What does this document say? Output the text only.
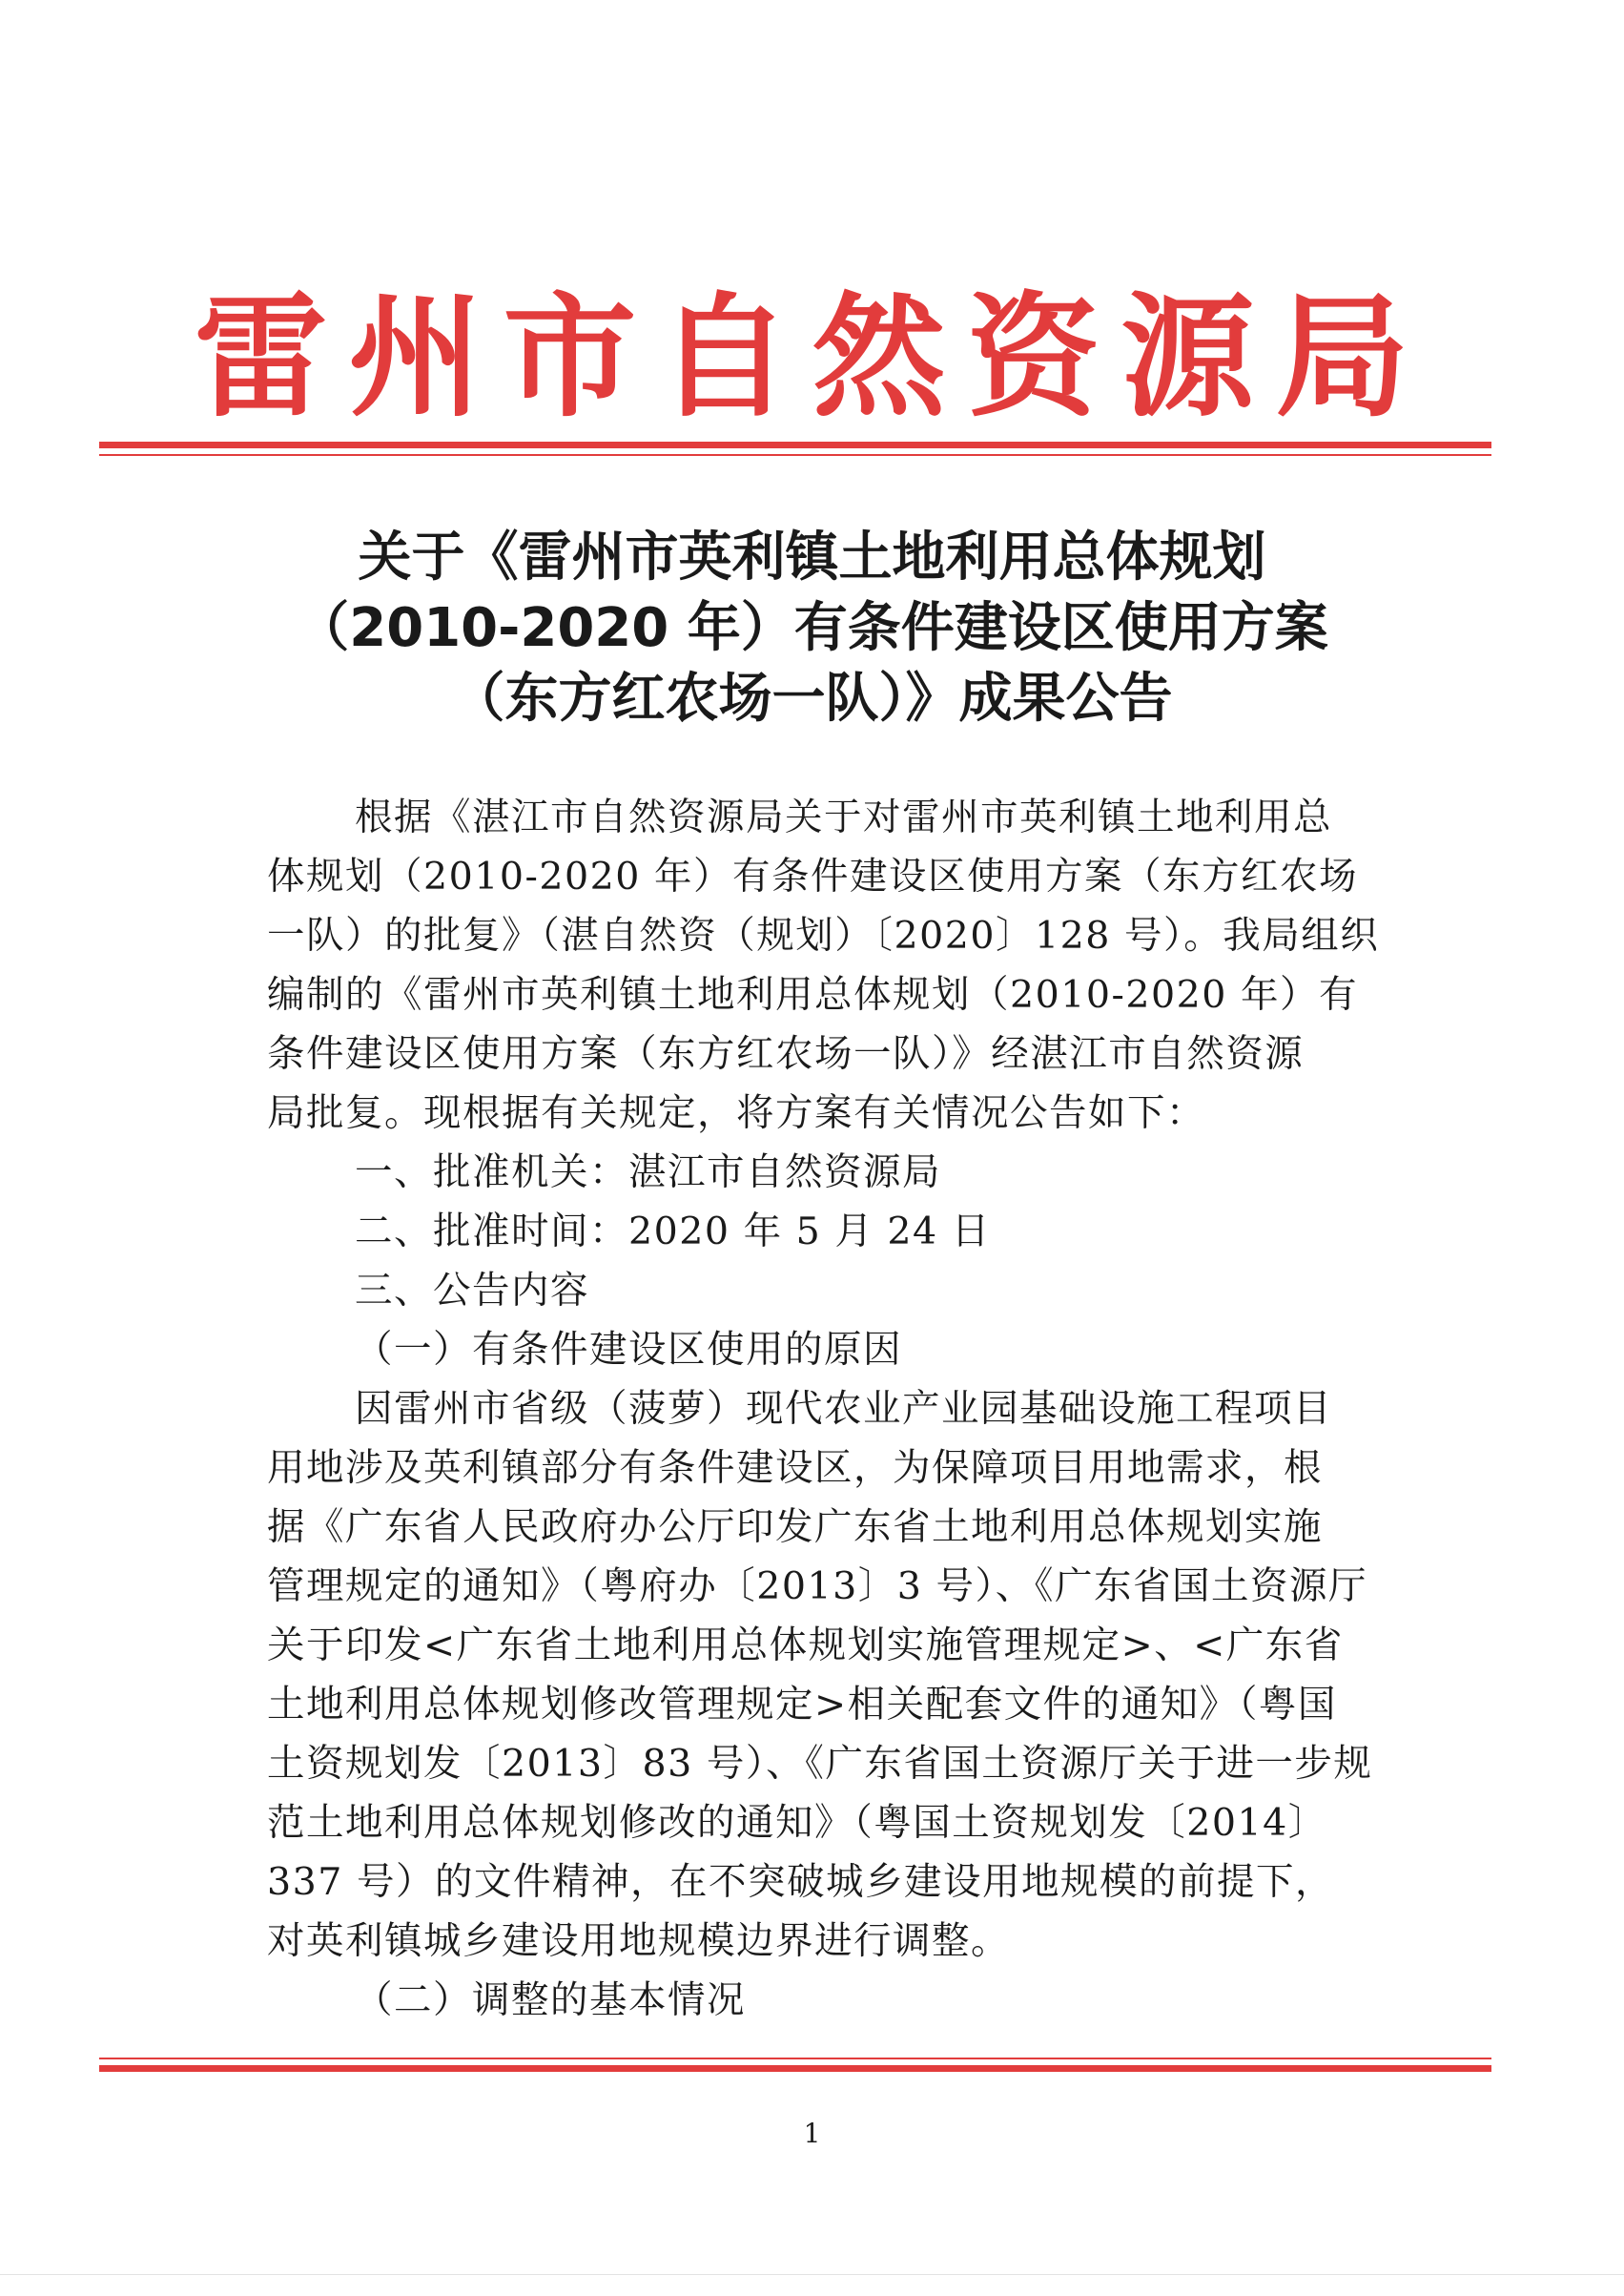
雷州市自然资源局
关于《雷州市英利镇土地利用总体规划
（2010-2020 年）有条件建设区使用方案
（东方红农场一队）》成果公告
根据《湛江市自然资源局关于对雷州市英利镇土地利用总
体规划（2010-2020 年）有条件建设区使用方案（东方红农场
一队）的批复》（湛自然资（规划）〔2020〕128 号）。我局组织
编制的《雷州市英利镇土地利用总体规划（2010-2020 年）有
条件建设区使用方案（东方红农场一队）》经湛江市自然资源
局批复。现根据有关规定，将方案有关情况公告如下：
一、批准机关：湛江市自然资源局
二、批准时间：2020 年 5 月 24 日
三、公告内容
（一）有条件建设区使用的原因
因雷州市省级（菠萝）现代农业产业园基础设施工程项目
用地涉及英利镇部分有条件建设区，为保障项目用地需求，根
据《广东省人民政府办公厅印发广东省土地利用总体规划实施
管理规定的通知》（粤府办〔2013〕3 号）、《广东省国土资源厅
关于印发<广东省土地利用总体规划实施管理规定>、<广东省
土地利用总体规划修改管理规定>相关配套文件的通知》（粤国
土资规划发〔2013〕83 号）、《广东省国土资源厅关于进一步规
范土地利用总体规划修改的通知》（粤国土资规划发〔2014〕
337 号）的文件精神，在不突破城乡建设用地规模的前提下，
对英利镇城乡建设用地规模边界进行调整。
（二）调整的基本情况
1
